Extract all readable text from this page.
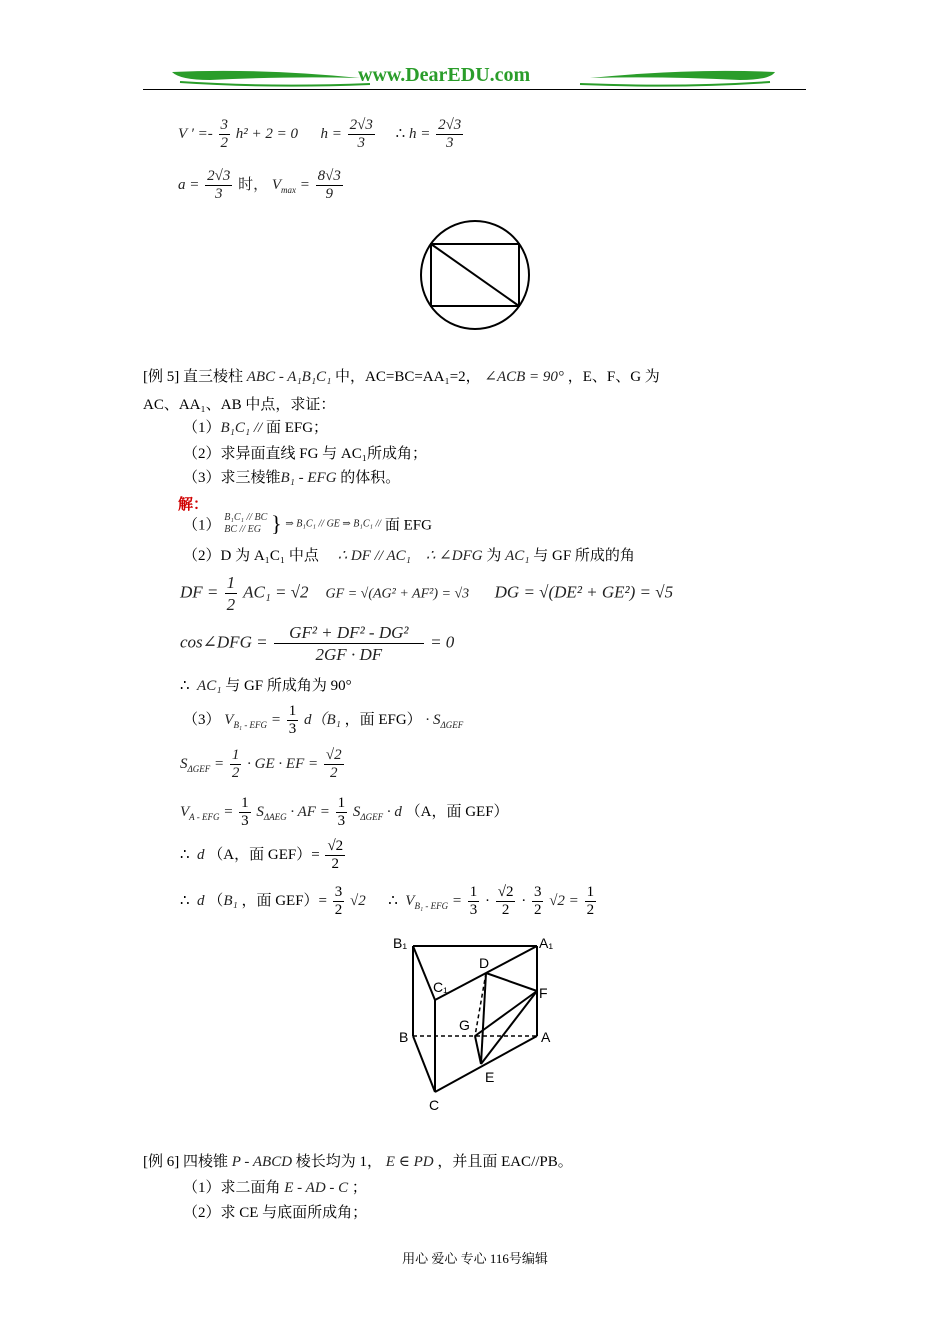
www.DearEDU.com
V ′ =- $\frac{3}{2} h^2 + 2 = 0$ $h = \frac{2√3}{3}$ ∴ $h = \frac{2√3}{3}$
$a = \frac{2√3}{3}$ 时， $V_{max} = \frac{8√3}{9}$
[例 5] 直三棱柱 ABC - A₁B₁C₁ 中，AC=BC=AA₁=2， ∠ACB = 90° ，E、F、G 为
AC、AA₁、AB 中点，求证：
（1）B₁C₁ // 面 EFG；
（2）求异面直线 FG 与 AC₁所成角；
（3）求三棱锥B₁ - EFG 的体积。
解：
（1） B₁C₁ // BC
BC // EG } ⇒ B₁C₁ // GE ⇒ B₁C₁ // 面 EFG
（2）D 为 A₁C₁ 中点 ∴ DF // AC₁ ∴ ∠DFG 为 AC₁ 与 GF 所成的角
DF = $\frac{1}{2} AC_1 = √2$ GF = √(AG² + AF²) = √3 DG = √(DE² + GE²) = √5
cos∠DFG = $\frac{\text{GF² + DF² - DG²}}{2GF \cdot DF} = 0$
∴ AC₁ 与 GF 所成角为 90°
（3） $V_{B_1 - EFG} = \frac{1}{3} d(B_1$ ，面 $EFG) \cdot S_{\Delta GEF}$
$S_{\Delta GEF} = \frac{1}{2}$ · GE · EF = $\frac{√2}{2}$
$V_{A - EFG} = \frac{1}{3} S_{\Delta AEG}$ · AF = $\frac{1}{3} S_{\Delta GEF} \cdot d$ （A，面 GEF）
∴ d （A，面 $GEF)= \frac{√2}{2}$
∴ d （B₁ ，面 $GEF)= \frac{3}{2} √2$ ∴ $V_{B_1 - EFG} = \frac{1}{3} \cdot \frac{√2}{2} \cdot \frac{3}{2} √2 = \frac{1}{2}$
B₁	A₁
C₁
D
F
G
B	A
E
C
[例 6] 四棱锥 P - ABCD 棱长均为 1， E ∈ PD ，并且面 EAC//PB。
（1）求二面角 E - AD - C ；
（2）求 CE 与底面所成角；
用心 爱心 专心 116号编辑
